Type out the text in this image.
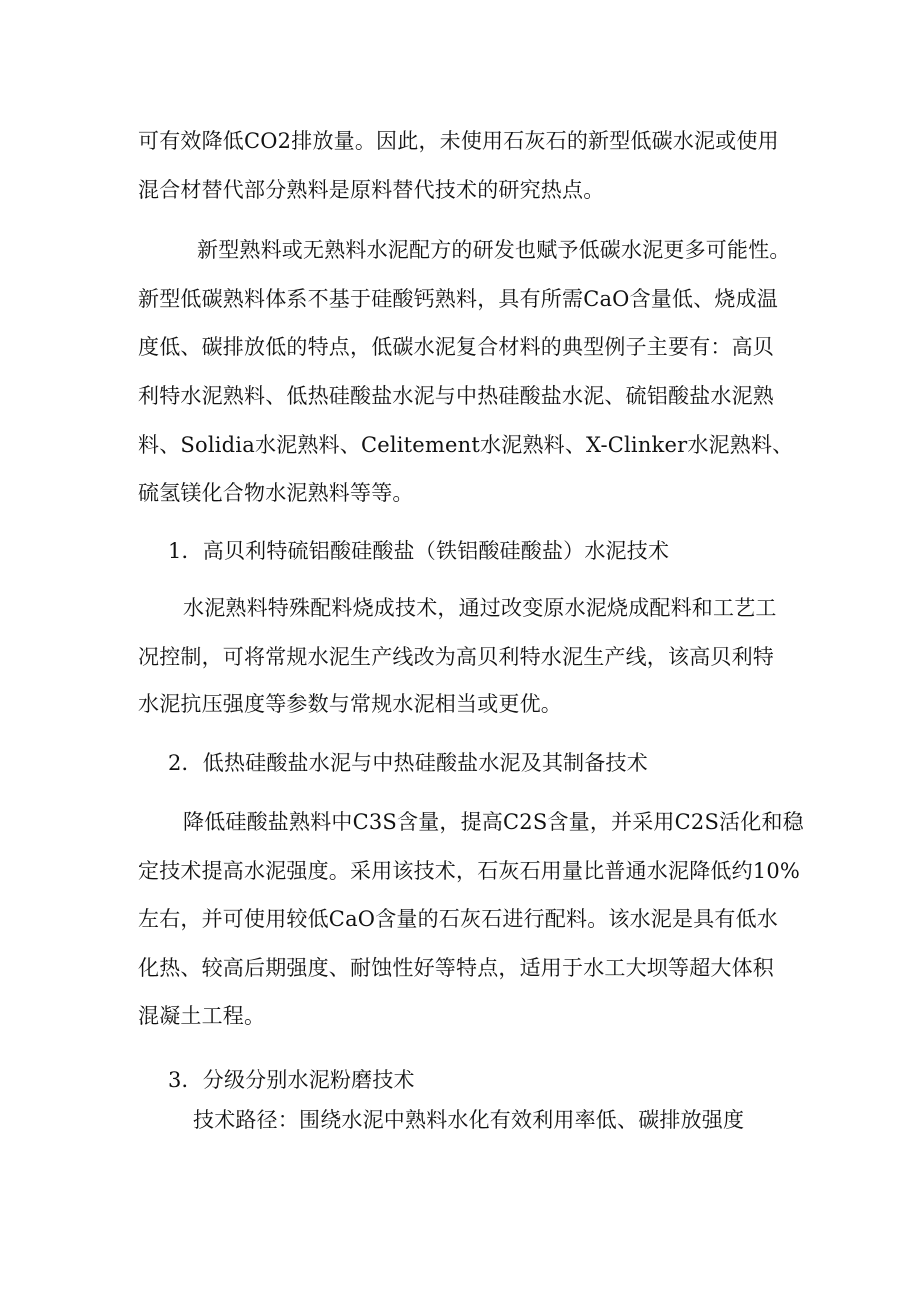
可有效降低CO2排放量。因此，未使用石灰石的新型低碳水泥或使用
混合材替代部分熟料是原料替代技术的研究热点。
新型熟料或无熟料水泥配方的研发也赋予低碳水泥更多可能性。
新型低碳熟料体系不基于硅酸钙熟料，具有所需CaO含量低、烧成温
度低、碳排放低的特点，低碳水泥复合材料的典型例子主要有：高贝
利特水泥熟料、低热硅酸盐水泥与中热硅酸盐水泥、硫铝酸盐水泥熟
料、Solidia水泥熟料、Celitement水泥熟料、X-Clinker水泥熟料、
硫氢镁化合物水泥熟料等等。
1．高贝利特硫铝酸硅酸盐（铁铝酸硅酸盐）水泥技术
水泥熟料特殊配料烧成技术，通过改变原水泥烧成配料和工艺工
况控制，可将常规水泥生产线改为高贝利特水泥生产线，该高贝利特
水泥抗压强度等参数与常规水泥相当或更优。
2．低热硅酸盐水泥与中热硅酸盐水泥及其制备技术
降低硅酸盐熟料中C3S含量，提高C2S含量，并采用C2S活化和稳
定技术提高水泥强度。采用该技术，石灰石用量比普通水泥降低约10%
左右，并可使用较低CaO含量的石灰石进行配料。该水泥是具有低水
化热、较高后期强度、耐蚀性好等特点，适用于水工大坝等超大体积
混凝土工程。
3．分级分别水泥粉磨技术
技术路径：围绕水泥中熟料水化有效利用率低、碳排放强度
